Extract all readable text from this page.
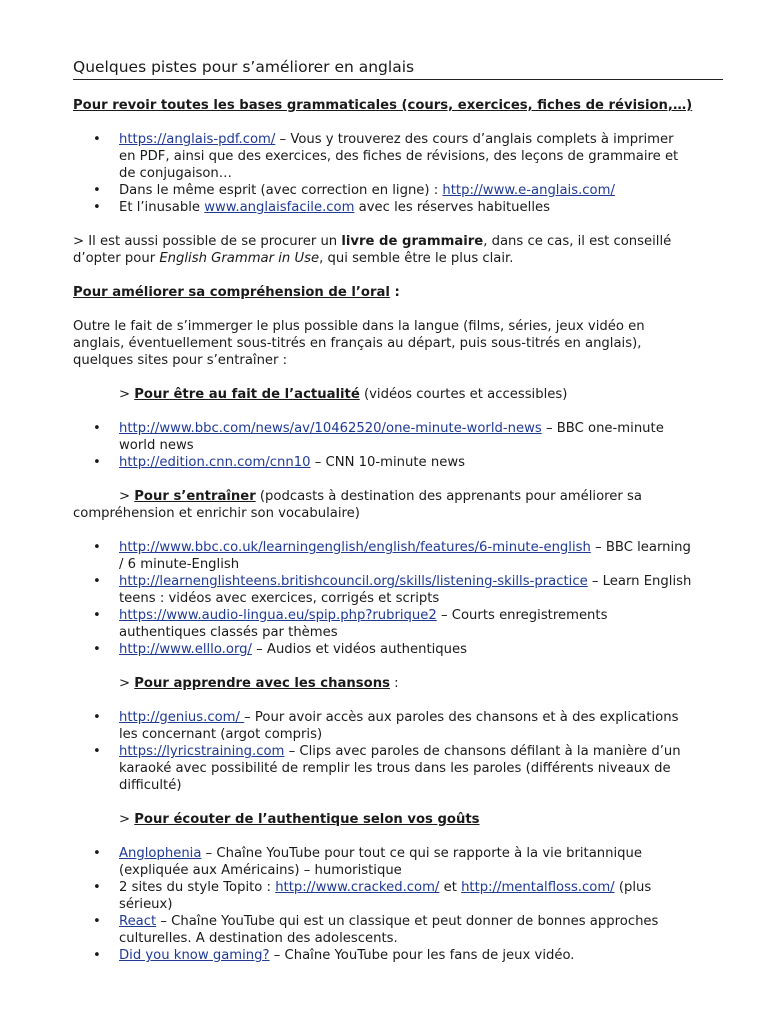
Quelques pistes pour s’améliorer en anglais

Pour revoir toutes les bases grammaticales (cours, exercices, fiches de révision,…)

• https://anglais-pdf.com/ – Vous y trouverez des cours d’anglais complets à imprimer en PDF, ainsi que des exercices, des fiches de révisions, des leçons de grammaire et de conjugaison…
• Dans le même esprit (avec correction en ligne) : http://www.e-anglais.com/
• Et l’inusable www.anglaisfacile.com avec les réserves habituelles

> Il est aussi possible de se procurer un livre de grammaire, dans ce cas, il est conseillé d’opter pour English Grammar in Use, qui semble être le plus clair.

Pour améliorer sa compréhension de l’oral :

Outre le fait de s’immerger le plus possible dans la langue (films, séries, jeux vidéo en anglais, éventuellement sous-titrés en français au départ, puis sous-titrés en anglais), quelques sites pour s’entraîner :

> Pour être au fait de l’actualité (vidéos courtes et accessibles)

• http://www.bbc.com/news/av/10462520/one-minute-world-news – BBC one-minute world news
• http://edition.cnn.com/cnn10 – CNN 10-minute news

> Pour s’entraîner (podcasts à destination des apprenants pour améliorer sa compréhension et enrichir son vocabulaire)

• http://www.bbc.co.uk/learningenglish/english/features/6-minute-english – BBC learning / 6 minute-English
• http://learnenglishteens.britishcouncil.org/skills/listening-skills-practice – Learn English teens : vidéos avec exercices, corrigés et scripts
• https://www.audio-lingua.eu/spip.php?rubrique2 – Courts enregistrements authentiques classés par thèmes
• http://www.elllo.org/ – Audios et vidéos authentiques

> Pour apprendre avec les chansons :

• http://genius.com/ – Pour avoir accès aux paroles des chansons et à des explications les concernant (argot compris)
• https://lyricstraining.com – Clips avec paroles de chansons défilant à la manière d’un karaoké avec possibilité de remplir les trous dans les paroles (différents niveaux de difficulté)

> Pour écouter de l’authentique selon vos goûts

• Anglophenia – Chaîne YouTube pour tout ce qui se rapporte à la vie britannique (expliquée aux Américains) – humoristique
• 2 sites du style Topito : http://www.cracked.com/ et http://mentalfloss.com/ (plus sérieux)
• React – Chaîne YouTube qui est un classique et peut donner de bonnes approches culturelles. A destination des adolescents.
• Did you know gaming? – Chaîne YouTube pour les fans de jeux vidéo.
